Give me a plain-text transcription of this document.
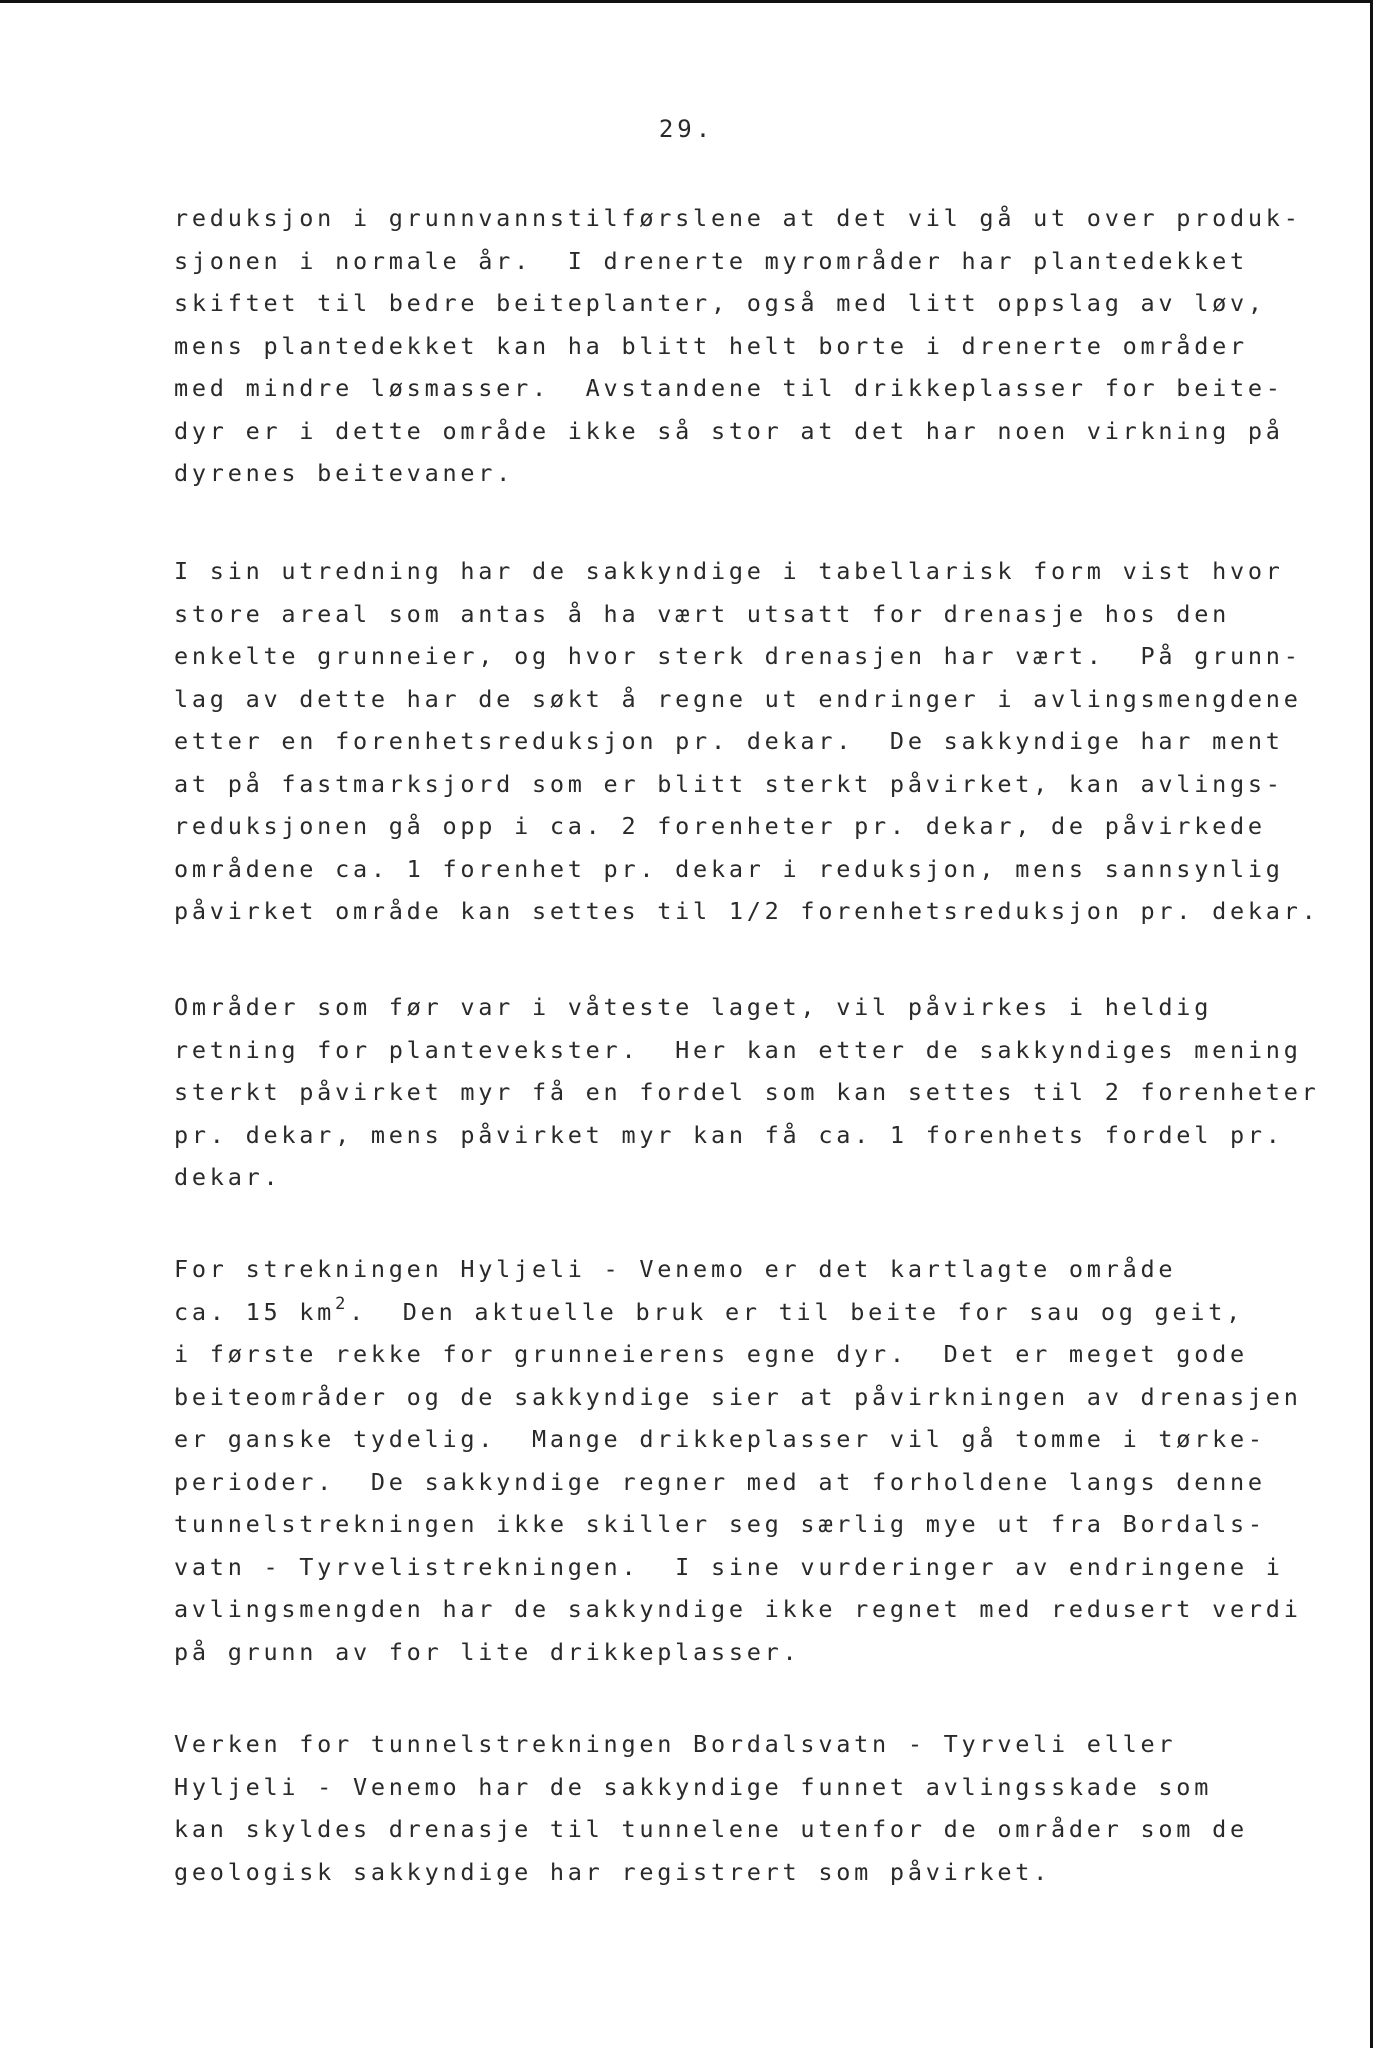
29.
reduksjon i grunnvannstilførslene at det vil gå ut over produk-
sjonen i normale år.  I drenerte myrområder har plantedekket
skiftet til bedre beiteplanter, også med litt oppslag av løv,
mens plantedekket kan ha blitt helt borte i drenerte områder
med mindre løsmasser.  Avstandene til drikkeplasser for beite-
dyr er i dette område ikke så stor at det har noen virkning på
dyrenes beitevaner.
I sin utredning har de sakkyndige i tabellarisk form vist hvor
store areal som antas å ha vært utsatt for drenasje hos den
enkelte grunneier, og hvor sterk drenasjen har vært.  På grunn-
lag av dette har de søkt å regne ut endringer i avlingsmengdene
etter en forenhetsreduksjon pr. dekar.  De sakkyndige har ment
at på fastmarksjord som er blitt sterkt påvirket, kan avlings-
reduksjonen gå opp i ca. 2 forenheter pr. dekar, de påvirkede
områdene ca. 1 forenhet pr. dekar i reduksjon, mens sannsynlig
påvirket område kan settes til 1/2 forenhetsreduksjon pr. dekar.
Områder som før var i våteste laget, vil påvirkes i heldig
retning for plantevekster.  Her kan etter de sakkyndiges mening
sterkt påvirket myr få en fordel som kan settes til 2 forenheter
pr. dekar, mens påvirket myr kan få ca. 1 forenhets fordel pr.
dekar.
For strekningen Hyljeli - Venemo er det kartlagte område
ca. 15 $km^2$.  Den aktuelle bruk er til beite for sau og geit,
i første rekke for grunneierens egne dyr.  Det er meget gode
beiteområder og de sakkyndige sier at påvirkningen av drenasjen
er ganske tydelig.  Mange drikkeplasser vil gå tomme i tørke-
perioder.  De sakkyndige regner med at forholdene langs denne
tunnelstrekningen ikke skiller seg særlig mye ut fra Bordals-
vatn - Tyrvelistrekningen.  I sine vurderinger av endringene i
avlingsmengden har de sakkyndige ikke regnet med redusert verdi
på grunn av for lite drikkeplasser.
Verken for tunnelstrekningen Bordalsvatn - Tyrveli eller
Hyljeli - Venemo har de sakkyndige funnet avlingsskade som
kan skyldes drenasje til tunnelene utenfor de områder som de
geologisk sakkyndige har registrert som påvirket.
